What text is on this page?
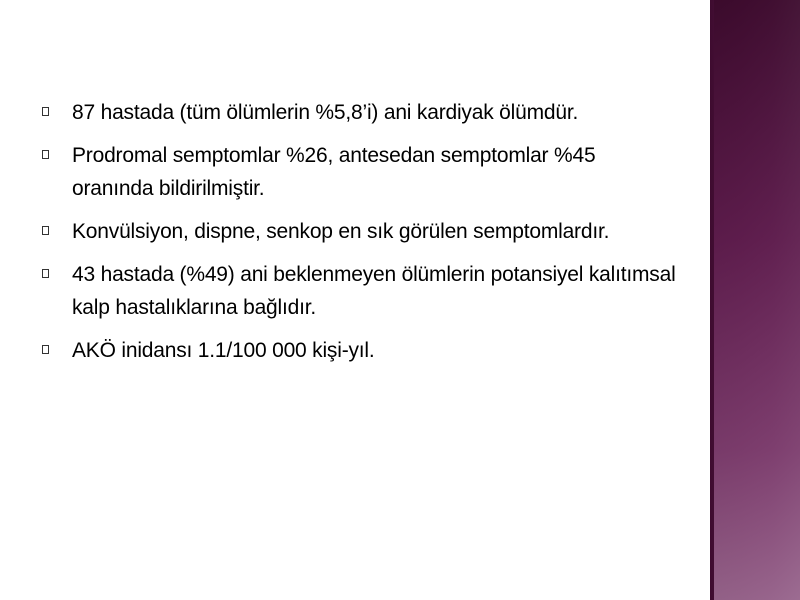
87 hastada (tüm ölümlerin %5,8’i) ani kardiyak ölümdür.
Prodromal semptomlar %26, antesedan semptomlar %45 oranında bildirilmiştir.
Konvülsiyon, dispne, senkop en sık görülen semptomlardır.
43 hastada (%49) ani beklenmeyen ölümlerin potansiyel kalıtımsal kalp hastalıklarına bağlıdır.
AKÖ inidansı 1.1/100 000 kişi-yıl.
